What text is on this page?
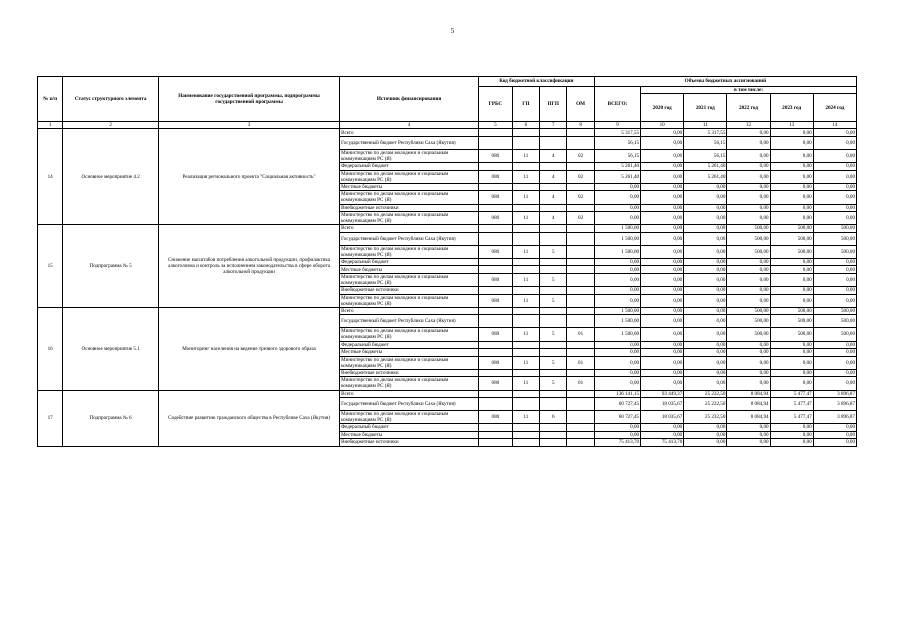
5
№ п/п	Статус структурного элемента	Наименование государственной программы, подпрограммы государственной программы	Источник финансирования	Код бюджетной классификации				Объемы бюджетных ассигнований					
				ГРБС	ГП	ПГП	ОМ	ВСЕГО:	в том числе:				
									2020 год	2021 год	2022 год	2023 год	2024 год
1	2	3	4	5	6	7	8	9	10	11	12	13	14
14	Основное мероприятие 4.2	Реализация регионального проекта "Социальная активность"	Всего					5 317,55	0,00	5 317,55	0,00	0,00	0,00
			Государственный бюджет Республики Саха (Якутия)					56,15	0,00	56,15	0,00	0,00	0,00
			Министерство по делам молодежи и социальным коммуникациям РС (Я)	080	11	4	02	56,15	0,00	56,15	0,00	0,00	0,00
			Федеральный бюджет					5 261,40	0,00	5 261,40	0,00	0,00	0,00
			Министерство по делам молодежи и социальным коммуникациям РС (Я)	080	11	4	02	5 261,40	0,00	5 261,40	0,00	0,00	0,00
			Местные бюджеты					0,00	0,00	0,00	0,00	0,00	0,00
			Министерство по делам молодежи и социальным коммуникациям РС (Я)	080	11	4	02	0,00	0,00	0,00	0,00	0,00	0,00
			Внебюджетные источники					0,00	0,00	0,00	0,00	0,00	0,00
			Министерство по делам молодежи и социальным коммуникациям РС (Я)	080	11	4	02	0,00	0,00	0,00	0,00	0,00	0,00
15	Подпрограмма № 5	Снижение масштабов потребления алкогольной продукции, профилактика алкоголизма и контроль за исполнением законодательства в сфере оборота алкогольной продукции	Всего					1 500,00	0,00	0,00	500,00	500,00	500,00
			Государственный бюджет Республики Саха (Якутия)					1 500,00	0,00	0,00	500,00	500,00	500,00
			Министерство по делам молодежи и социальным коммуникациям РС (Я)	080	11	5		1 500,00	0,00	0,00	500,00	500,00	500,00
			Федеральный бюджет					0,00	0,00	0,00	0,00	0,00	0,00
			Местные бюджеты					0,00	0,00	0,00	0,00	0,00	0,00
			Министерство по делам молодежи и социальным коммуникациям РС (Я)	080	11	5		0,00	0,00	0,00	0,00	0,00	0,00
			Внебюджетные источники					0,00	0,00	0,00	0,00	0,00	0,00
			Министерство по делам молодежи и социальным коммуникациям РС (Я)	080	11	5		0,00	0,00	0,00	0,00	0,00	0,00
16	Основное мероприятие 5.1	Мониторинг населения на ведение трезвого здорового образа	Всего					1 500,00	0,00	0,00	500,00	500,00	500,00
			Государственный бюджет Республики Саха (Якутия)					1 500,00	0,00	0,00	500,00	500,00	500,00
			Министерство по делам молодежи и социальным коммуникациям РС (Я)	080	11	5	01	1 500,00	0,00	0,00	500,00	500,00	500,00
			Федеральный бюджет					0,00	0,00	0,00	0,00	0,00	0,00
			Местные бюджеты					0,00	0,00	0,00	0,00	0,00	0,00
			Министерство по делам молодежи и социальным коммуникациям РС (Я)	080	11	5	01	0,00	0,00	0,00	0,00	0,00	0,00
			Внебюджетные источники					0,00	0,00	0,00	0,00	0,00	0,00
			Министерство по делам молодежи и социальным коммуникациям РС (Я)	080	11	5	01	0,00	0,00	0,00	0,00	0,00	0,00
17	Подпрограмма № 6	Содействие развитию гражданского общества в Республике Саха (Якутия)	Всего					136 141,15	93 449,37	25 232,50	8 084,94	5 477,47	3 896,87
			Государственный бюджет Республики Саха (Якутия)					60 727,45	18 035,67	25 232,50	8 084,94	5 477,47	3 896,87
			Министерство по делам молодежи и социальным коммуникациям РС (Я)	080	11	6		60 727,45	18 035,67	25 232,50	8 084,94	5 477,47	3 896,87
			Федеральный бюджет					0,00	0,00	0,00	0,00	0,00	0,00
			Местные бюджеты					0,00	0,00	0,00	0,00	0,00	0,00
			Внебюджетные источники					75 413,70	75 413,70	0,00	0,00	0,00	0,00
